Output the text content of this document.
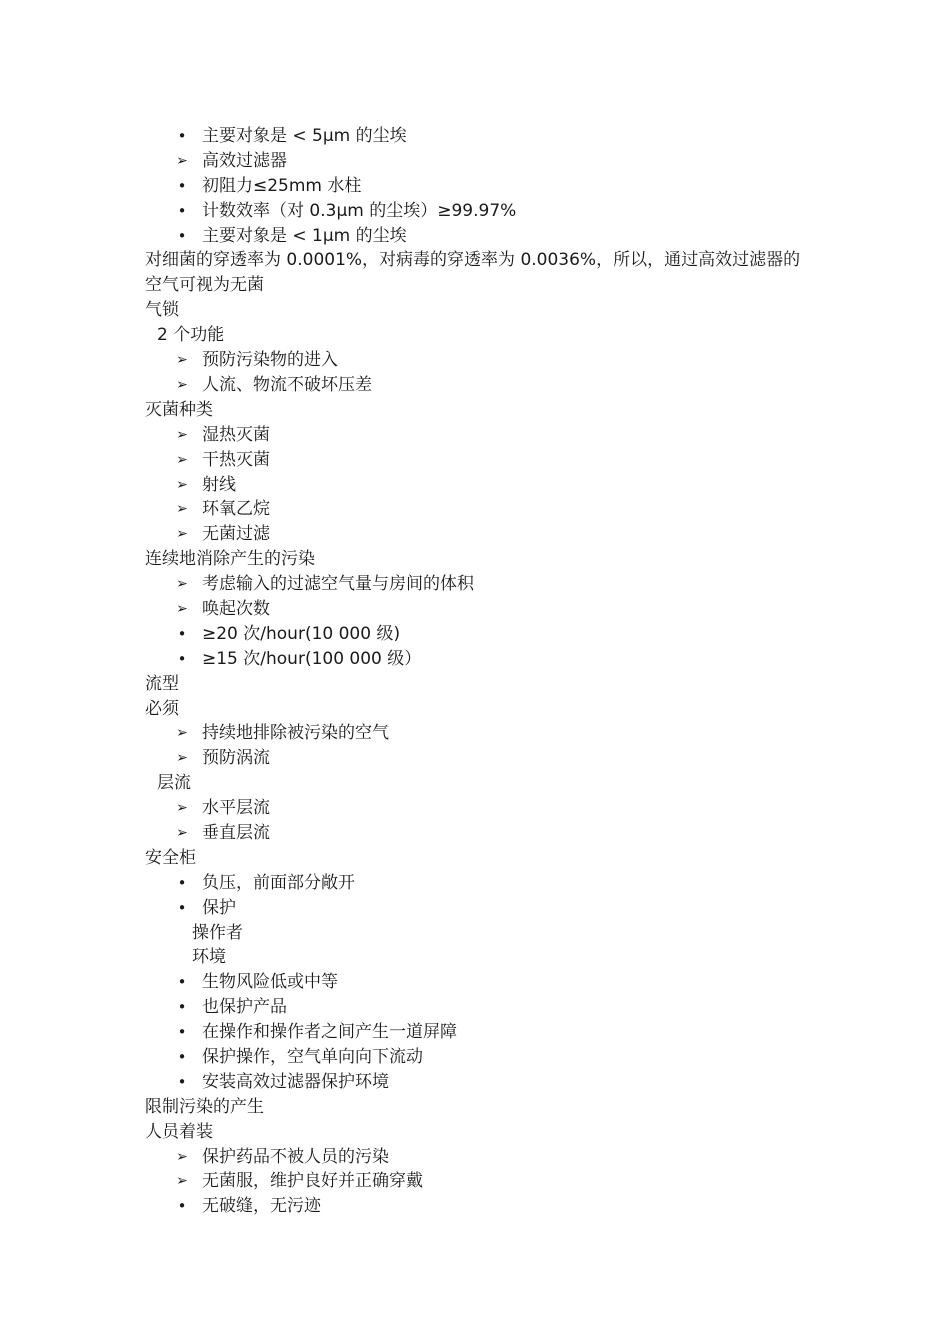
• 主要对象是 < 5μm 的尘埃
➢ 高效过滤器
• 初阻力≤25mm 水柱
• 计数效率（对 0.3μm 的尘埃）≥99.97%
• 主要对象是 < 1μm 的尘埃
对细菌的穿透率为 0.0001%，对病毒的穿透率为 0.0036%，所以，通过高效过滤器的空气可视为无菌
气锁
2 个功能
➢ 预防污染物的进入
➢ 人流、物流不破坏压差
灭菌种类
➢ 湿热灭菌
➢ 干热灭菌
➢ 射线
➢ 环氧乙烷
➢ 无菌过滤
连续地消除产生的污染
➢ 考虑输入的过滤空气量与房间的体积
➢ 唤起次数
• ≥20 次/hour(10 000 级)
• ≥15 次/hour(100 000 级）
流型
必须
➢ 持续地排除被污染的空气
➢ 预防涡流
层流
➢ 水平层流
➢ 垂直层流
安全柜
• 负压，前面部分敞开
• 保护
操作者
环境
• 生物风险低或中等
• 也保护产品
• 在操作和操作者之间产生一道屏障
• 保护操作，空气单向向下流动
• 安装高效过滤器保护环境
限制污染的产生
人员着装
➢ 保护药品不被人员的污染
➢ 无菌服，维护良好并正确穿戴
• 无破缝，无污迹
